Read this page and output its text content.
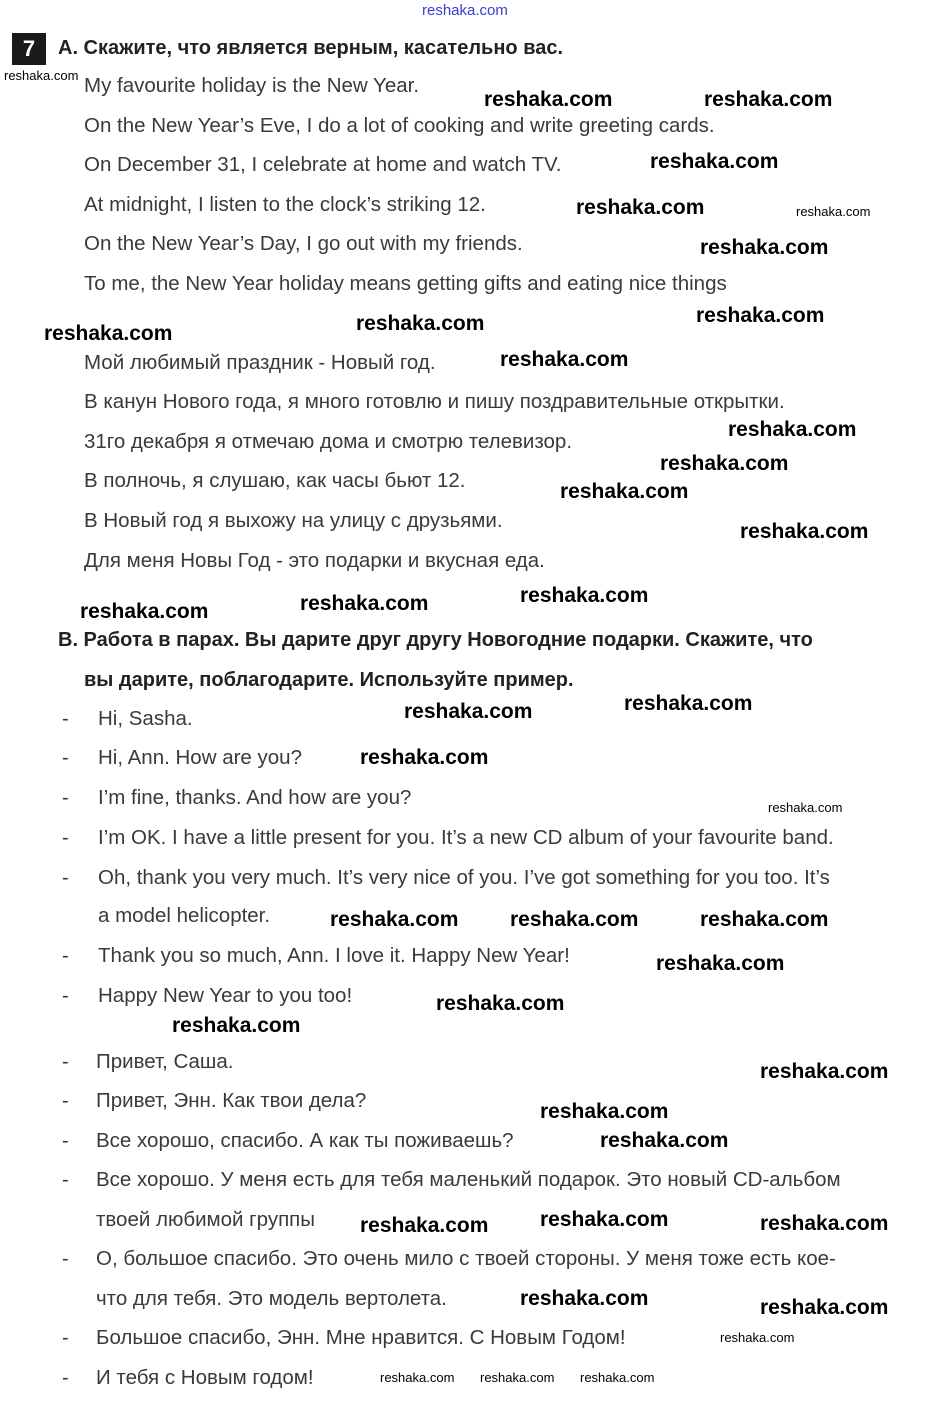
7	A. Скажите, что является верным, касательно вас.
My favourite holiday is the New Year.
On the New Year’s Eve, I do a lot of cooking and write greeting cards.
On December 31, I celebrate at home and watch TV.
At midnight, I listen to the clock’s striking 12.
On the New Year’s Day, I go out with my friends.
To me, the New Year holiday means getting gifts and eating nice things
Мой любимый праздник - Новый год.
В канун Нового года, я много готовлю и пишу поздравительные открытки.
31го декабря я отмечаю дома и смотрю телевизор.
В полночь, я слушаю, как часы бьют 12.
В Новый год я выхожу на улицу с друзьями.
Для меня Новы Год - это подарки и вкусная еда.
B. Работа в парах. Вы дарите друг другу Новогодние подарки. Скажите, что
вы дарите, поблагодарите. Используйте пример.
- Hi, Sasha.
- Hi, Ann. How are you?
- I’m fine, thanks. And how are you?
- I’m OK. I have a little present for you. It’s a new CD album of your favourite band.
- Oh, thank you very much. It’s very nice of you. I’ve got something for you too. It’s
a model helicopter.
- Thank you so much, Ann. I love it. Happy New Year!
- Happy New Year to you too!
- Привет, Саша.
- Привет, Энн. Как твои дела?
- Все хорошо, спасибо. А как ты поживаешь?
- Все хорошо. У меня есть для тебя маленький подарок. Это новый CD-альбом
твоей любимой группы
- О, большое спасибо. Это очень мило с твоей стороны. У меня тоже есть кое-
что для тебя. Это модель вертолета.
- Большое спасибо, Энн. Мне нравится. С Новым Годом!
- И тебя с Новым годом!
reshaka.com
reshaka.com
reshaka.com	reshaka.com
reshaka.com
reshaka.com
reshaka.com	reshaka.com
reshaka.com	reshaka.com
reshaka.com
reshaka.com
reshaka.com
reshaka.com
reshaka.com
reshaka.com
reshaka.com	reshaka.com	reshaka.com
reshaka.com	reshaka.com
reshaka.com
reshaka.com
reshaka.com	reshaka.com
reshaka.com
reshaka.com
reshaka.com
reshaka.com
reshaka.com
reshaka.com
reshaka.com
reshaka.com
reshaka.com
reshaka.com
reshaka.com	reshaka.com
reshaka.com
reshaka.com reshaka.com reshaka.com
